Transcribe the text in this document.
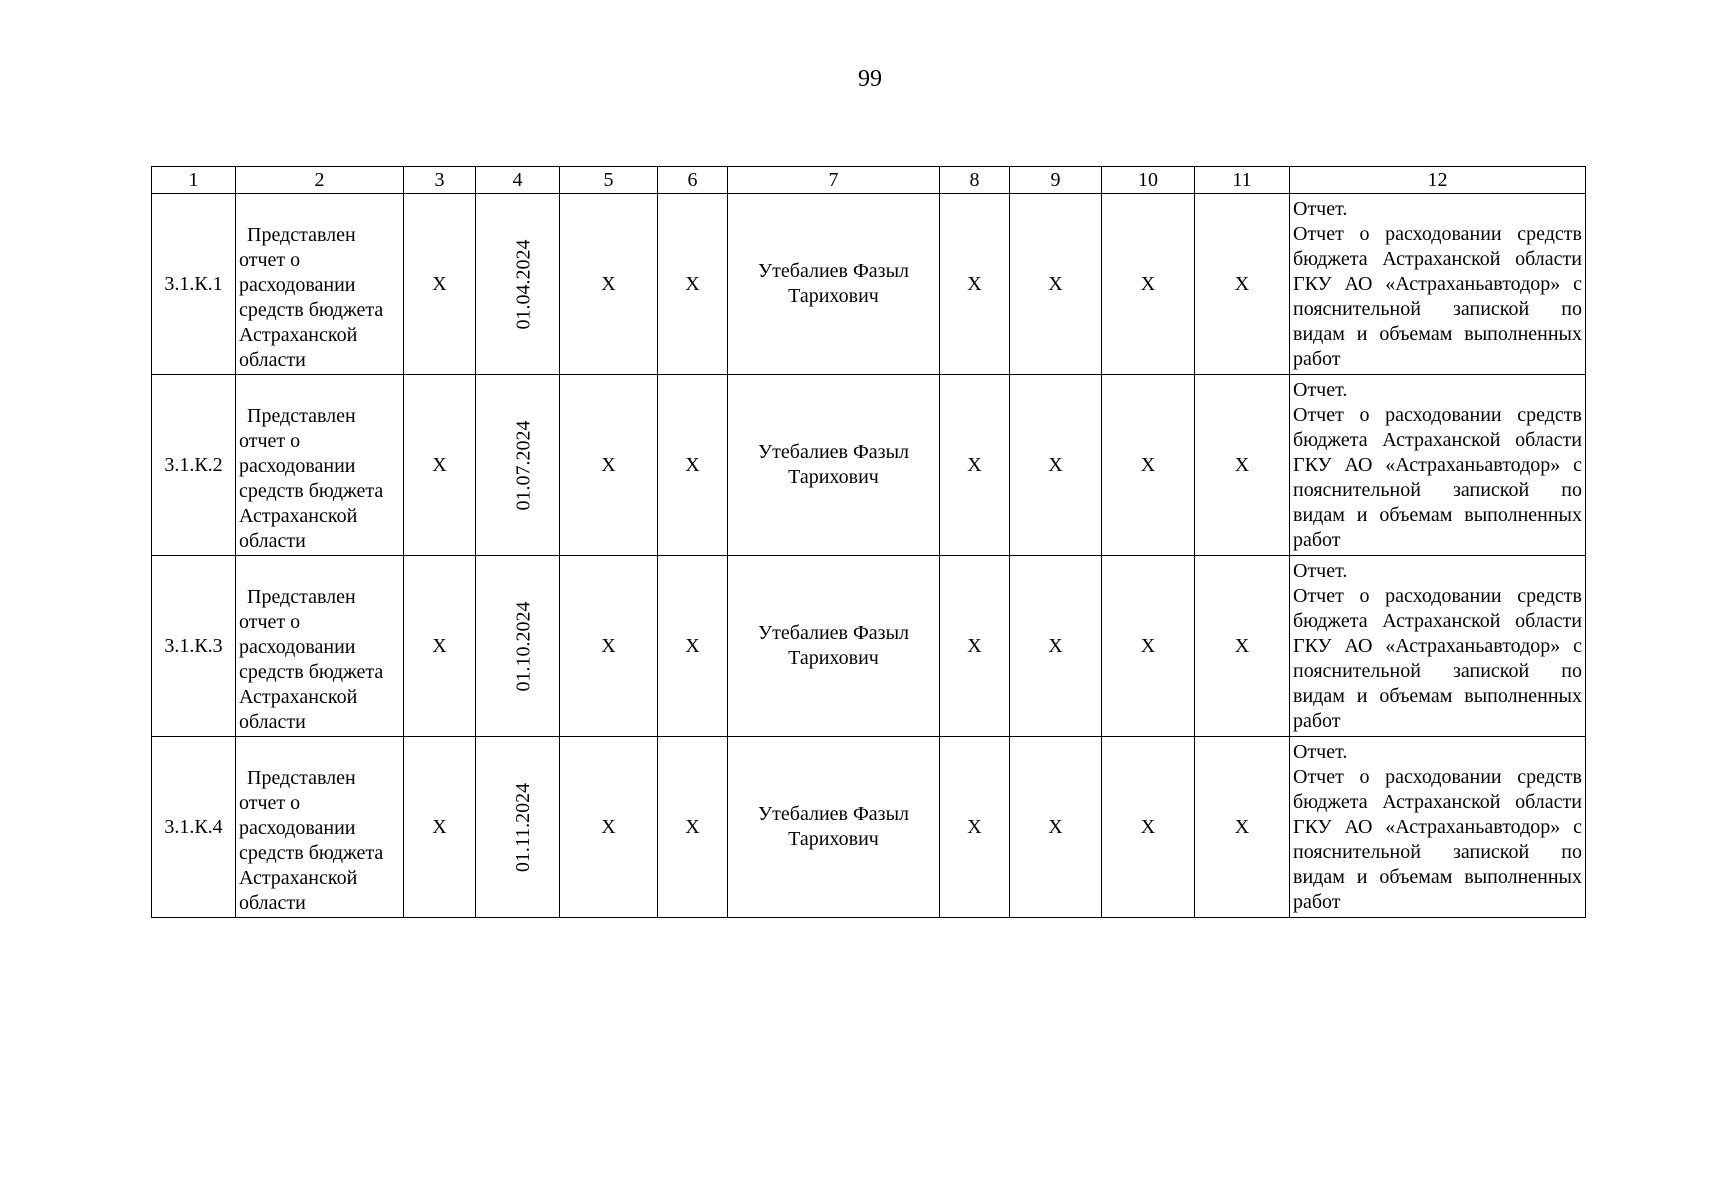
99
1	2	3	4	5	6	7	8	9	10	11	12
3.1.К.1	Представлен отчет о расходовании средств бюджета Астраханской области	Х	01.04.2024	Х	Х	Утебалиев Фазыл Тарихович	Х	Х	Х	Х	Отчет.
Отчет о расходовании средств бюджета Астраханской области ГКУ АО «Астраханьавтодор» с пояснительной запиской по видам и объемам выполненных работ

3.1.К.2	Представлен отчет о расходовании средств бюджета Астраханской области	Х	01.07.2024	Х	Х	Утебалиев Фазыл Тарихович	Х	Х	Х	Х	Отчет.
Отчет о расходовании средств бюджета Астраханской области ГКУ АО «Астраханьавтодор» с пояснительной запиской по видам и объемам выполненных работ

3.1.К.3	Представлен отчет о расходовании средств бюджета Астраханской области	Х	01.10.2024	Х	Х	Утебалиев Фазыл Тарихович	Х	Х	Х	Х	Отчет.
Отчет о расходовании средств бюджета Астраханской области ГКУ АО «Астраханьавтодор» с пояснительной запиской по видам и объемам выполненных работ

3.1.К.4	Представлен отчет о расходовании средств бюджета Астраханской области	Х	01.11.2024	Х	Х	Утебалиев Фазыл Тарихович	Х	Х	Х	Х	Отчет.
Отчет о расходовании средств бюджета Астраханской области ГКУ АО «Астраханьавтодор» с пояснительной запиской по видам и объемам выполненных работ
